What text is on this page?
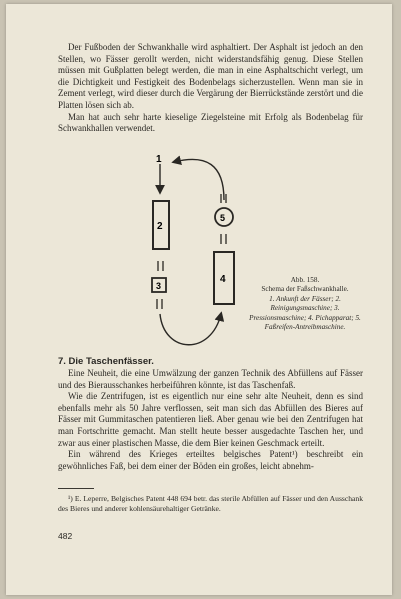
Der Fußboden der Schwankhalle wird asphaltiert. Der Asphalt ist jedoch an den Stellen, wo Fässer gerollt werden, nicht widerstandsfähig genug. Diese Stellen müssen mit Gußplatten belegt werden, die man in eine Asphaltschicht verlegt, um die Dichtigkeit und Festigkeit des Bodenbelags sicherzustellen. Wenn man sie in Zement verlegt, wird dieser durch die Vergärung der Bierrückstände zerstört und die Platten lösen sich ab.

Man hat auch sehr harte kieselige Ziegelsteine mit Erfolg als Bodenbelag für Schwankhallen verwendet.

1
2
3
4
5
Abb. 158.
Schema der Faßschwankhalle.
1. Ankunft der Fässer; 2. Reinigungsmaschine; 3. Pressionsmaschine; 4. Pichapparat; 5. Faßreifen-Antreibmaschine.
7. Die Taschenfässer.

Eine Neuheit, die eine Umwälzung der ganzen Technik des Abfüllens auf Fässer und des Bierausschankes herbeiführen könnte, ist das Taschenfaß.

Wie die Zentrifugen, ist es eigentlich nur eine sehr alte Neuheit, denn es sind ebenfalls mehr als 50 Jahre verflossen, seit man sich das Abfüllen des Bieres auf Fässer mit Gummitaschen patentieren ließ. Aber genau wie bei den Zentrifugen hat man Fortschritte gemacht. Man stellt heute besser ausgedachte Taschen her, und zwar aus einer plastischen Masse, die dem Bier keinen Geschmack erteilt.

Ein während des Krieges erteiltes belgisches Patent¹) beschreibt ein gewöhnliches Faß, bei dem einer der Böden ein großes, leicht abnehm-

¹) E. Leperre, Belgisches Patent 448 694 betr. das sterile Abfüllen auf Fässer und den Ausschank des Bieres und anderer kohlensäurehaltiger Getränke.
482
